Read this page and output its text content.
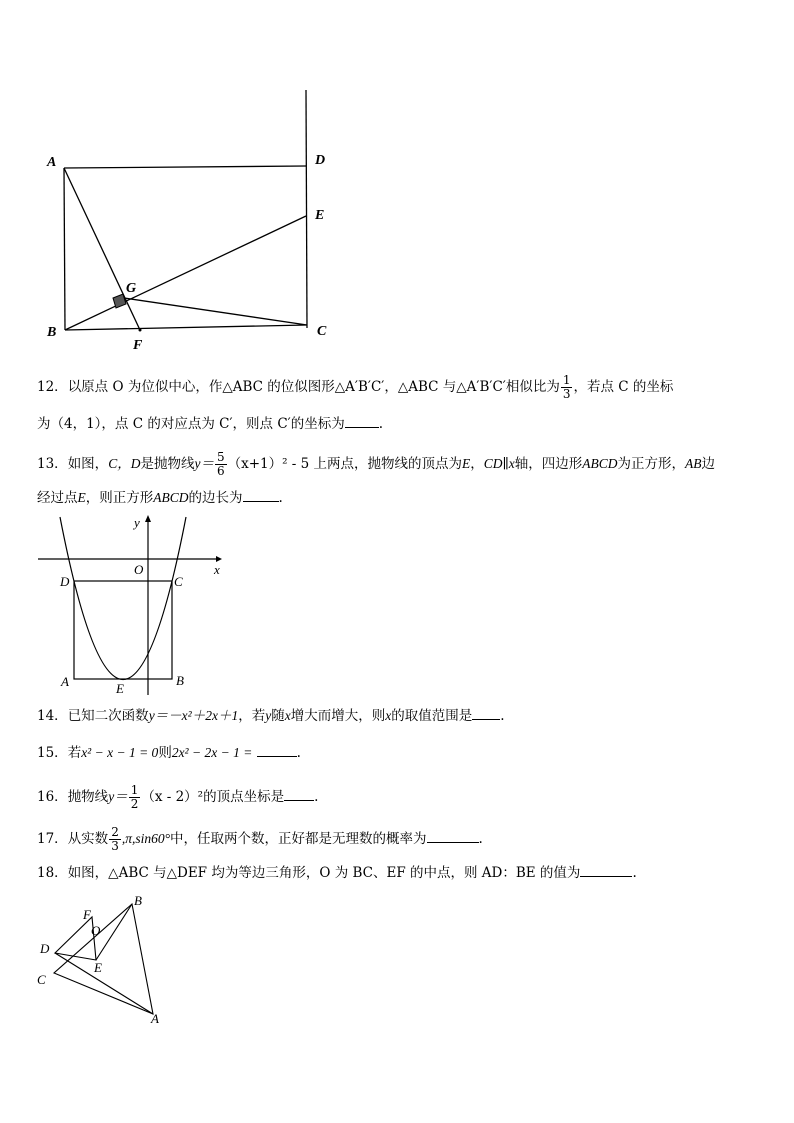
A	D
E
G
B	C
F
12．以原点 O 为位似中心，作△ABC 的位似图形△A′B′C′，△ABC 与△A′B′C′相似比为 $\frac{1}{3}$ ，若点 C 的坐标
为（4，1），点 C 的对应点为 C′，则点 C′的坐标为	.
13．如图，C，D是抛物线$y= \frac{5}{6} (x+1)^2 - 5$ 上两点，抛物线的顶点为E，CD∥x轴，四边形ABCD为正方形，AB边
经过点E，则正方形ABCD的边长为	.
x
y
O
D	C
A	B
E
14．已知二次函数y＝－x²＋2x＋1，若y随x增大而增大，则x的取值范围是 .
15．若x² − x − 1 = 0则2x² − 2x − 1 =	.
16．抛物线$y= \frac{1}{2} (x - 2)^2$的顶点坐标是 .
17．从实数 $\frac{2}{3} ,\pi,\sin 60^\circ$中，任取两个数，正好都是无理数的概率为	.
18．如图，△ABC 与△DEF 均为等边三角形，O 为 BC、EF 的中点，则 AD：BE 的值为	.
B
F
O
D
E
C
A
